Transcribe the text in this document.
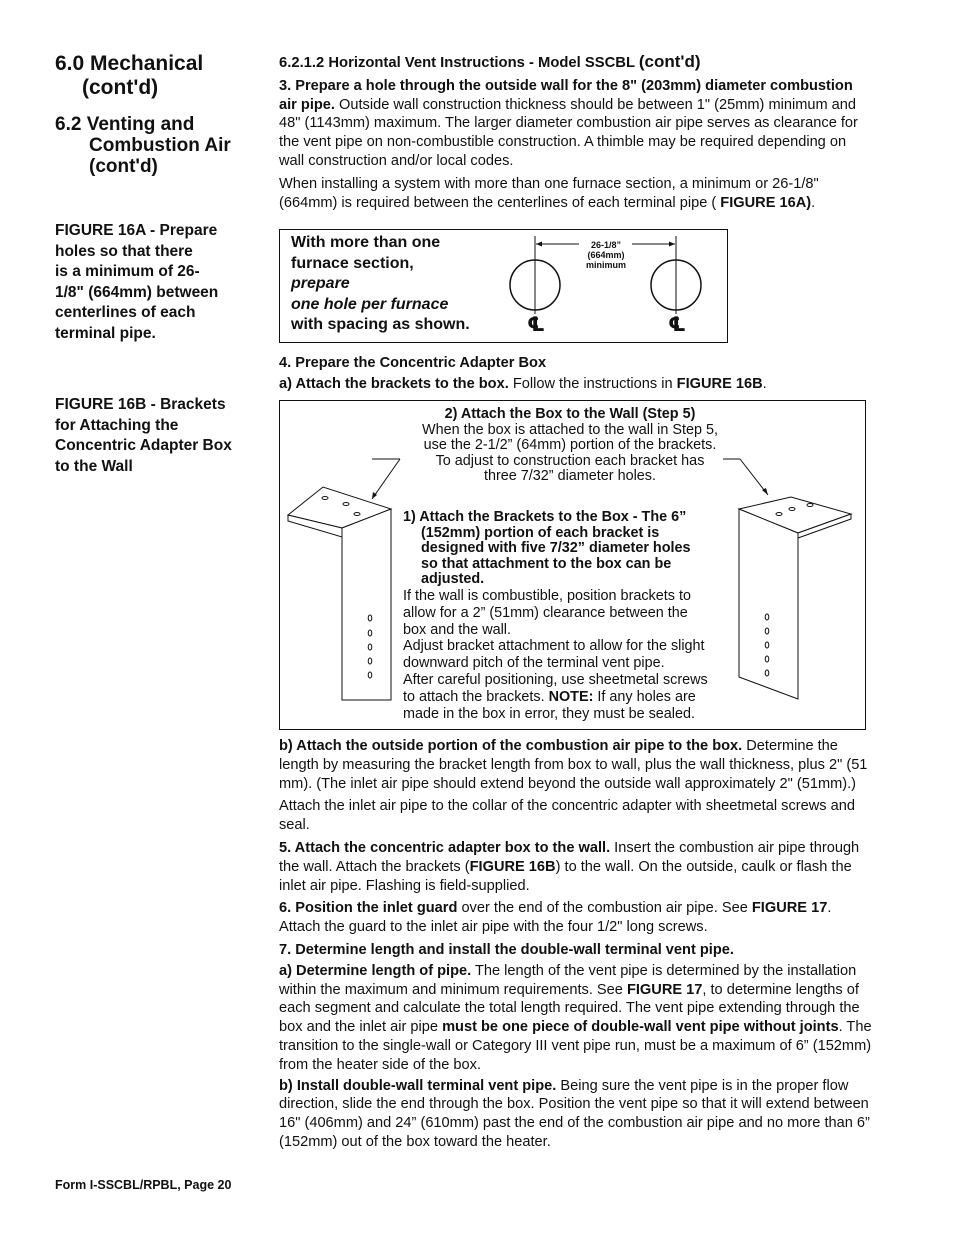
6.0 Mechanical
(cont'd)
6.2 Venting and
Combustion Air
(cont'd)
FIGURE 16A - Prepare
holes so that there
is a minimum of 26-
1/8" (664mm) between
centerlines of each
terminal pipe.
FIGURE 16B - Brackets
for Attaching the
Concentric Adapter Box
to the Wall

6.2.1.2 Horizontal Vent Instructions - Model SSCBL (cont'd)

3. Prepare a hole through the outside wall for the 8" (203mm) diameter combustion air pipe. Outside wall construction thickness should be between 1" (25mm) minimum and 48" (1143mm) maximum. The larger diameter combustion air pipe serves as clearance for the vent pipe on non-combustible construction. A thimble may be required depending on wall construction and/or local codes.

When installing a system with more than one furnace section, a minimum or 26-1/8" (664mm) is required between the centerlines of each terminal pipe ( FIGURE 16A).

With more than one
furnace section,
prepare
one hole per furnace
with spacing as shown.
26-1/8”
(664mm)
minimum
℄	℄

4. Prepare the Concentric Adapter Box

a) Attach the brackets to the box. Follow the instructions in FIGURE 16B.

2) Attach the Box to the Wall (Step 5)
When the box is attached to the wall in Step 5,
use the 2-1/2” (64mm) portion of the brackets.
To adjust to construction each bracket has
three 7/32” diameter holes.
1) Attach the Brackets to the Box - The 6”
(152mm) portion of each bracket is
designed with five 7/32” diameter holes
so that attachment to the box can be
adjusted.
If the wall is combustible, position brackets to
allow for a 2” (51mm) clearance between the
box and the wall.
Adjust bracket attachment to allow for the slight
downward pitch of the terminal vent pipe.
After careful positioning, use sheetmetal screws
to attach the brackets. NOTE: If any holes are
made in the box in error, they must be sealed.

b) Attach the outside portion of the combustion air pipe to the box. Determine the length by measuring the bracket length from box to wall, plus the wall thickness, plus 2" (51 mm). (The inlet air pipe should extend beyond the outside wall approximately 2" (51mm).)

Attach the inlet air pipe to the collar of the concentric adapter with sheetmetal screws and seal.

5. Attach the concentric adapter box to the wall. Insert the combustion air pipe through the wall. Attach the brackets (FIGURE 16B) to the wall. On the outside, caulk or flash the inlet air pipe. Flashing is field-supplied.

6. Position the inlet guard over the end of the combustion air pipe. See FIGURE 17. Attach the guard to the inlet air pipe with the four 1/2" long screws.

7. Determine length and install the double-wall terminal vent pipe.

a) Determine length of pipe. The length of the vent pipe is determined by the installation within the maximum and minimum requirements. See FIGURE 17, to determine lengths of each segment and calculate the total length required. The vent pipe extending through the box and the inlet air pipe must be one piece of double-wall vent pipe without joints. The transition to the single-wall or Category III vent pipe run, must be a maximum of 6” (152mm) from the heater side of the box.

b) Install double-wall terminal vent pipe. Being sure the vent pipe is in the proper flow direction, slide the end through the box. Position the vent pipe so that it will extend between 16" (406mm) and 24” (610mm) past the end of the combustion air pipe and no more than 6” (152mm) out of the box toward the heater.

Form I-SSCBL/RPBL, Page 20
